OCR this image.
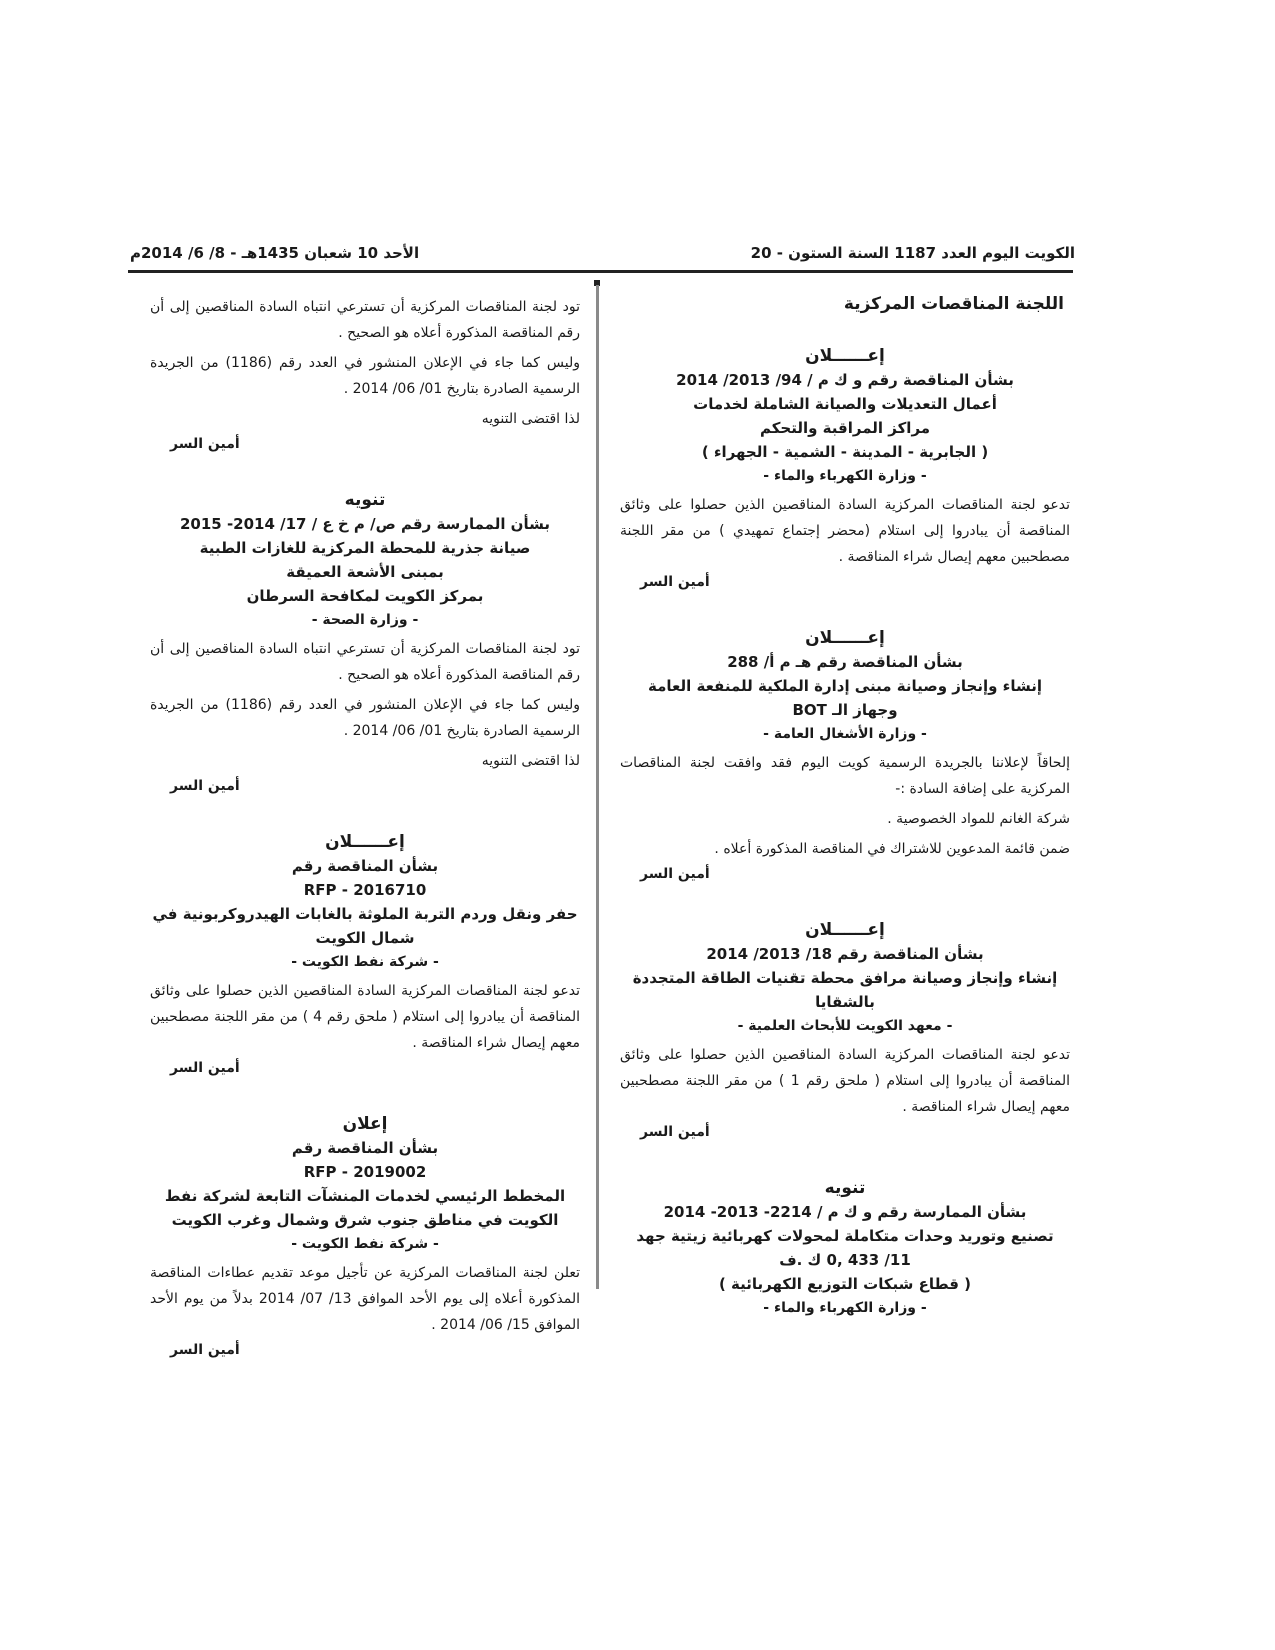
الكويت اليوم العدد 1187 السنة الستون - 20
الأحد 10 شعبان 1435هـ - 8/ 6/ 2014م
اللجنة المناقصات المركزية
إعــــــلان
بشأن المناقصة رقم و ك م / 94/ 2013/ 2014
أعمال التعديلات والصيانة الشاملة لخدمات
مراكز المراقبة والتحكم
( الجابرية - المدينة - الشمية - الجهراء )
- وزارة الكهرباء والماء -
تدعو لجنة المناقصات المركزية السادة المناقصين الذين حصلوا على وثائق المناقصة أن يبادروا إلى استلام (محضر إجتماع تمهيدي ) من مقر اللجنة مصطحبين معهم إيصال شراء المناقصة .
أمين السر
إعــــــلان
بشأن المناقصة رقم هـ م أ/ 288
إنشاء وإنجاز وصيانة مبنى إدارة الملكية للمنفعة العامة
وجهاز الـ BOT
- وزارة الأشغال العامة -
إلحاقاً لإعلاننا بالجريدة الرسمية كويت اليوم فقد وافقت لجنة المناقصات المركزية على إضافة السادة :-
شركة الغانم للمواد الخصوصية .
ضمن قائمة المدعوين للاشتراك في المناقصة المذكورة أعلاه .
أمين السر
إعــــــلان
بشأن المناقصة رقم 18/ 2013/ 2014
إنشاء وإنجاز وصيانة مرافق محطة تقنيات الطاقة المتجددة
بالشقايا
- معهد الكويت للأبحاث العلمية -
تدعو لجنة المناقصات المركزية السادة المناقصين الذين حصلوا على وثائق المناقصة أن يبادروا إلى استلام ( ملحق رقم 1 ) من مقر اللجنة مصطحبين معهم إيصال شراء المناقصة .
أمين السر
تنويه
بشأن الممارسة رقم و ك م / 2214- 2013- 2014
تصنيع وتوريد وحدات متكاملة لمحولات كهربائية زيتية جهد
11/ 433 ,0 ك .ف
( قطاع شبكات التوزيع الكهربائية )
- وزارة الكهرباء والماء -
تود لجنة المناقصات المركزية أن تسترعي انتباه السادة المناقصين إلى أن رقم المناقصة المذكورة أعلاه هو الصحيح .
وليس كما جاء في الإعلان المنشور في العدد رقم (1186) من الجريدة الرسمية الصادرة بتاريخ 01/ 06/ 2014 .
لذا اقتضى التنويه
أمين السر
تنويه
بشأن الممارسة رقم ص/ م خ ع / 17/ 2014- 2015
صيانة جذرية للمحطة المركزية للغازات الطبية
بمبنى الأشعة العميقة
بمركز الكويت لمكافحة السرطان
- وزارة الصحة -
تود لجنة المناقصات المركزية أن تسترعي انتباه السادة المناقصين إلى أن رقم المناقصة المذكورة أعلاه هو الصحيح .
وليس كما جاء في الإعلان المنشور في العدد رقم (1186) من الجريدة الرسمية الصادرة بتاريخ 01/ 06/ 2014 .
لذا اقتضى التنويه
أمين السر
إعــــــلان
بشأن المناقصة رقم
RFP - 2016710
حفر ونقل وردم التربة الملوثة بالغابات الهيدروكربونية في شمال الكويت
- شركة نفط الكويت -
تدعو لجنة المناقصات المركزية السادة المناقصين الذين حصلوا على وثائق المناقصة أن يبادروا إلى استلام ( ملحق رقم 4 ) من مقر اللجنة مصطحبين معهم إيصال شراء المناقصة .
أمين السر
إعلان
بشأن المناقصة رقم
RFP - 2019002
المخطط الرئيسي لخدمات المنشآت التابعة لشركة نفط الكويت في مناطق جنوب شرق وشمال وغرب الكويت
- شركة نفط الكويت -
تعلن لجنة المناقصات المركزية عن تأجيل موعد تقديم عطاءات المناقصة المذكورة أعلاه إلى يوم الأحد الموافق 13/ 07/ 2014 بدلاً من يوم الأحد الموافق 15/ 06/ 2014 .
أمين السر
